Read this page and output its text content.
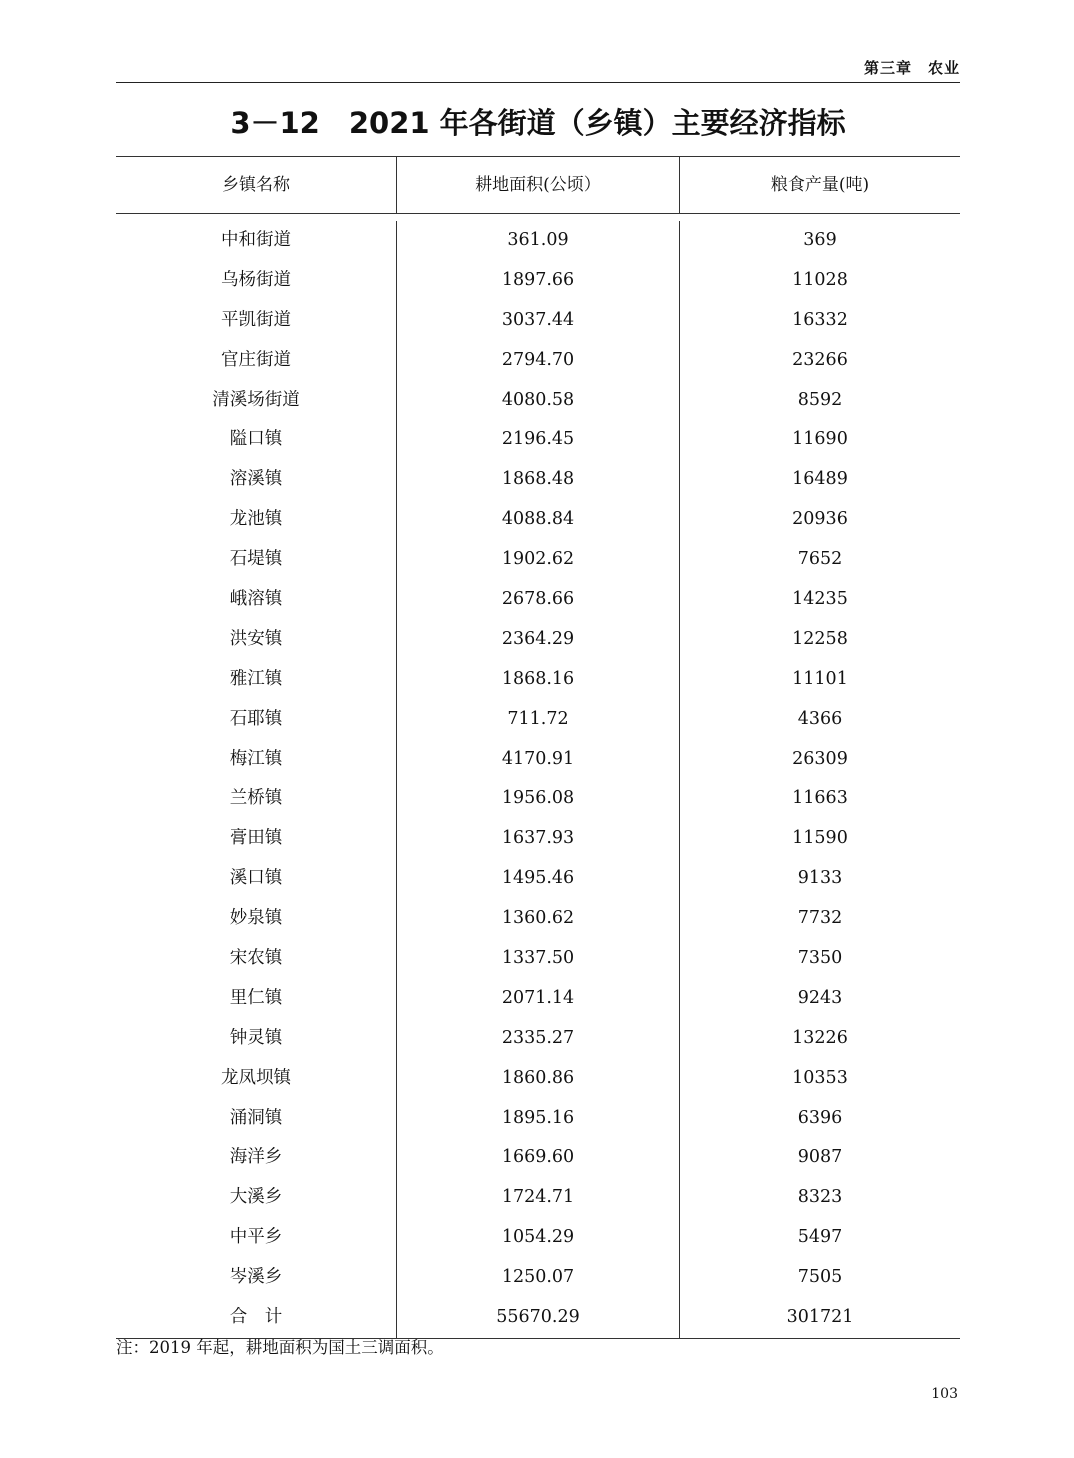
第三章　农业
3－12　2021 年各街道（乡镇）主要经济指标
乡镇名称	耕地面积(公顷）	粮食产量(吨)
中和街道	361.09	369
乌杨街道	1897.66	11028
平凯街道	3037.44	16332
官庄街道	2794.70	23266
清溪场街道	4080.58	8592
隘口镇	2196.45	11690
溶溪镇	1868.48	16489
龙池镇	4088.84	20936
石堤镇	1902.62	7652
峨溶镇	2678.66	14235
洪安镇	2364.29	12258
雅江镇	1868.16	11101
石耶镇	711.72	4366
梅江镇	4170.91	26309
兰桥镇	1956.08	11663
膏田镇	1637.93	11590
溪口镇	1495.46	9133
妙泉镇	1360.62	7732
宋农镇	1337.50	7350
里仁镇	2071.14	9243
钟灵镇	2335.27	13226
龙凤坝镇	1860.86	10353
涌洞镇	1895.16	6396
海洋乡	1669.60	9087
大溪乡	1724.71	8323
中平乡	1054.29	5497
岑溪乡	1250.07	7505
合　计	55670.29	301721
注：2019 年起，耕地面积为国土三调面积。
103
